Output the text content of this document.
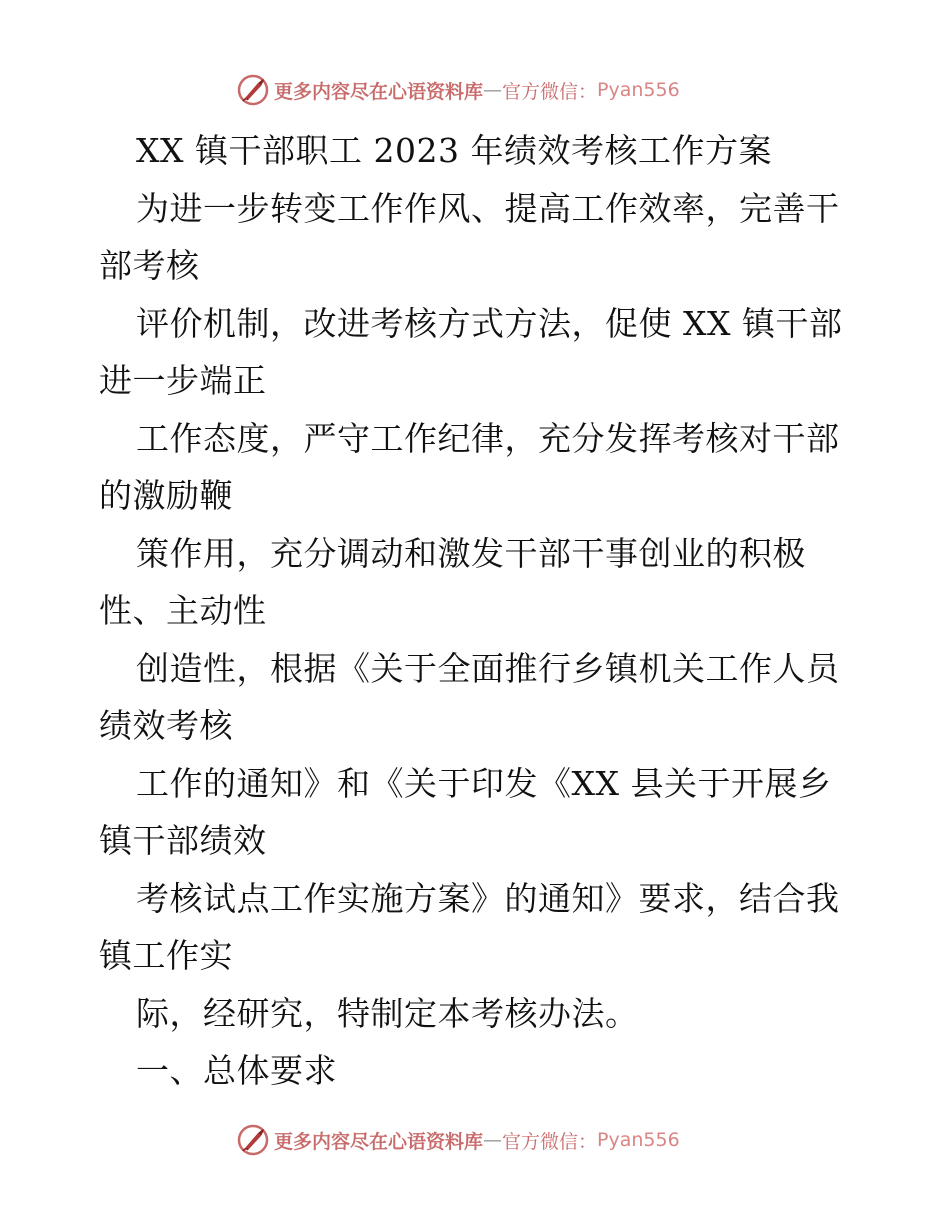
更多内容尽在心语资料库 — 官方微信： Pyan556
XX 镇干部职工 2023 年绩效考核工作方案
为进一步转变工作作风、提高工作效率，完善干
部考核
评价机制，改进考核方式方法，促使 XX 镇干部
进一步端正
工作态度，严守工作纪律，充分发挥考核对干部
的激励鞭
策作用，充分调动和激发干部干事创业的积极
性、主动性
创造性，根据《关于全面推行乡镇机关工作人员
绩效考核
工作的通知》和《关于印发《XX 县关于开展乡
镇干部绩效
考核试点工作实施方案》的通知》要求，结合我
镇工作实
际，经研究，特制定本考核办法。
一、总体要求
更多内容尽在心语资料库 — 官方微信： Pyan556
